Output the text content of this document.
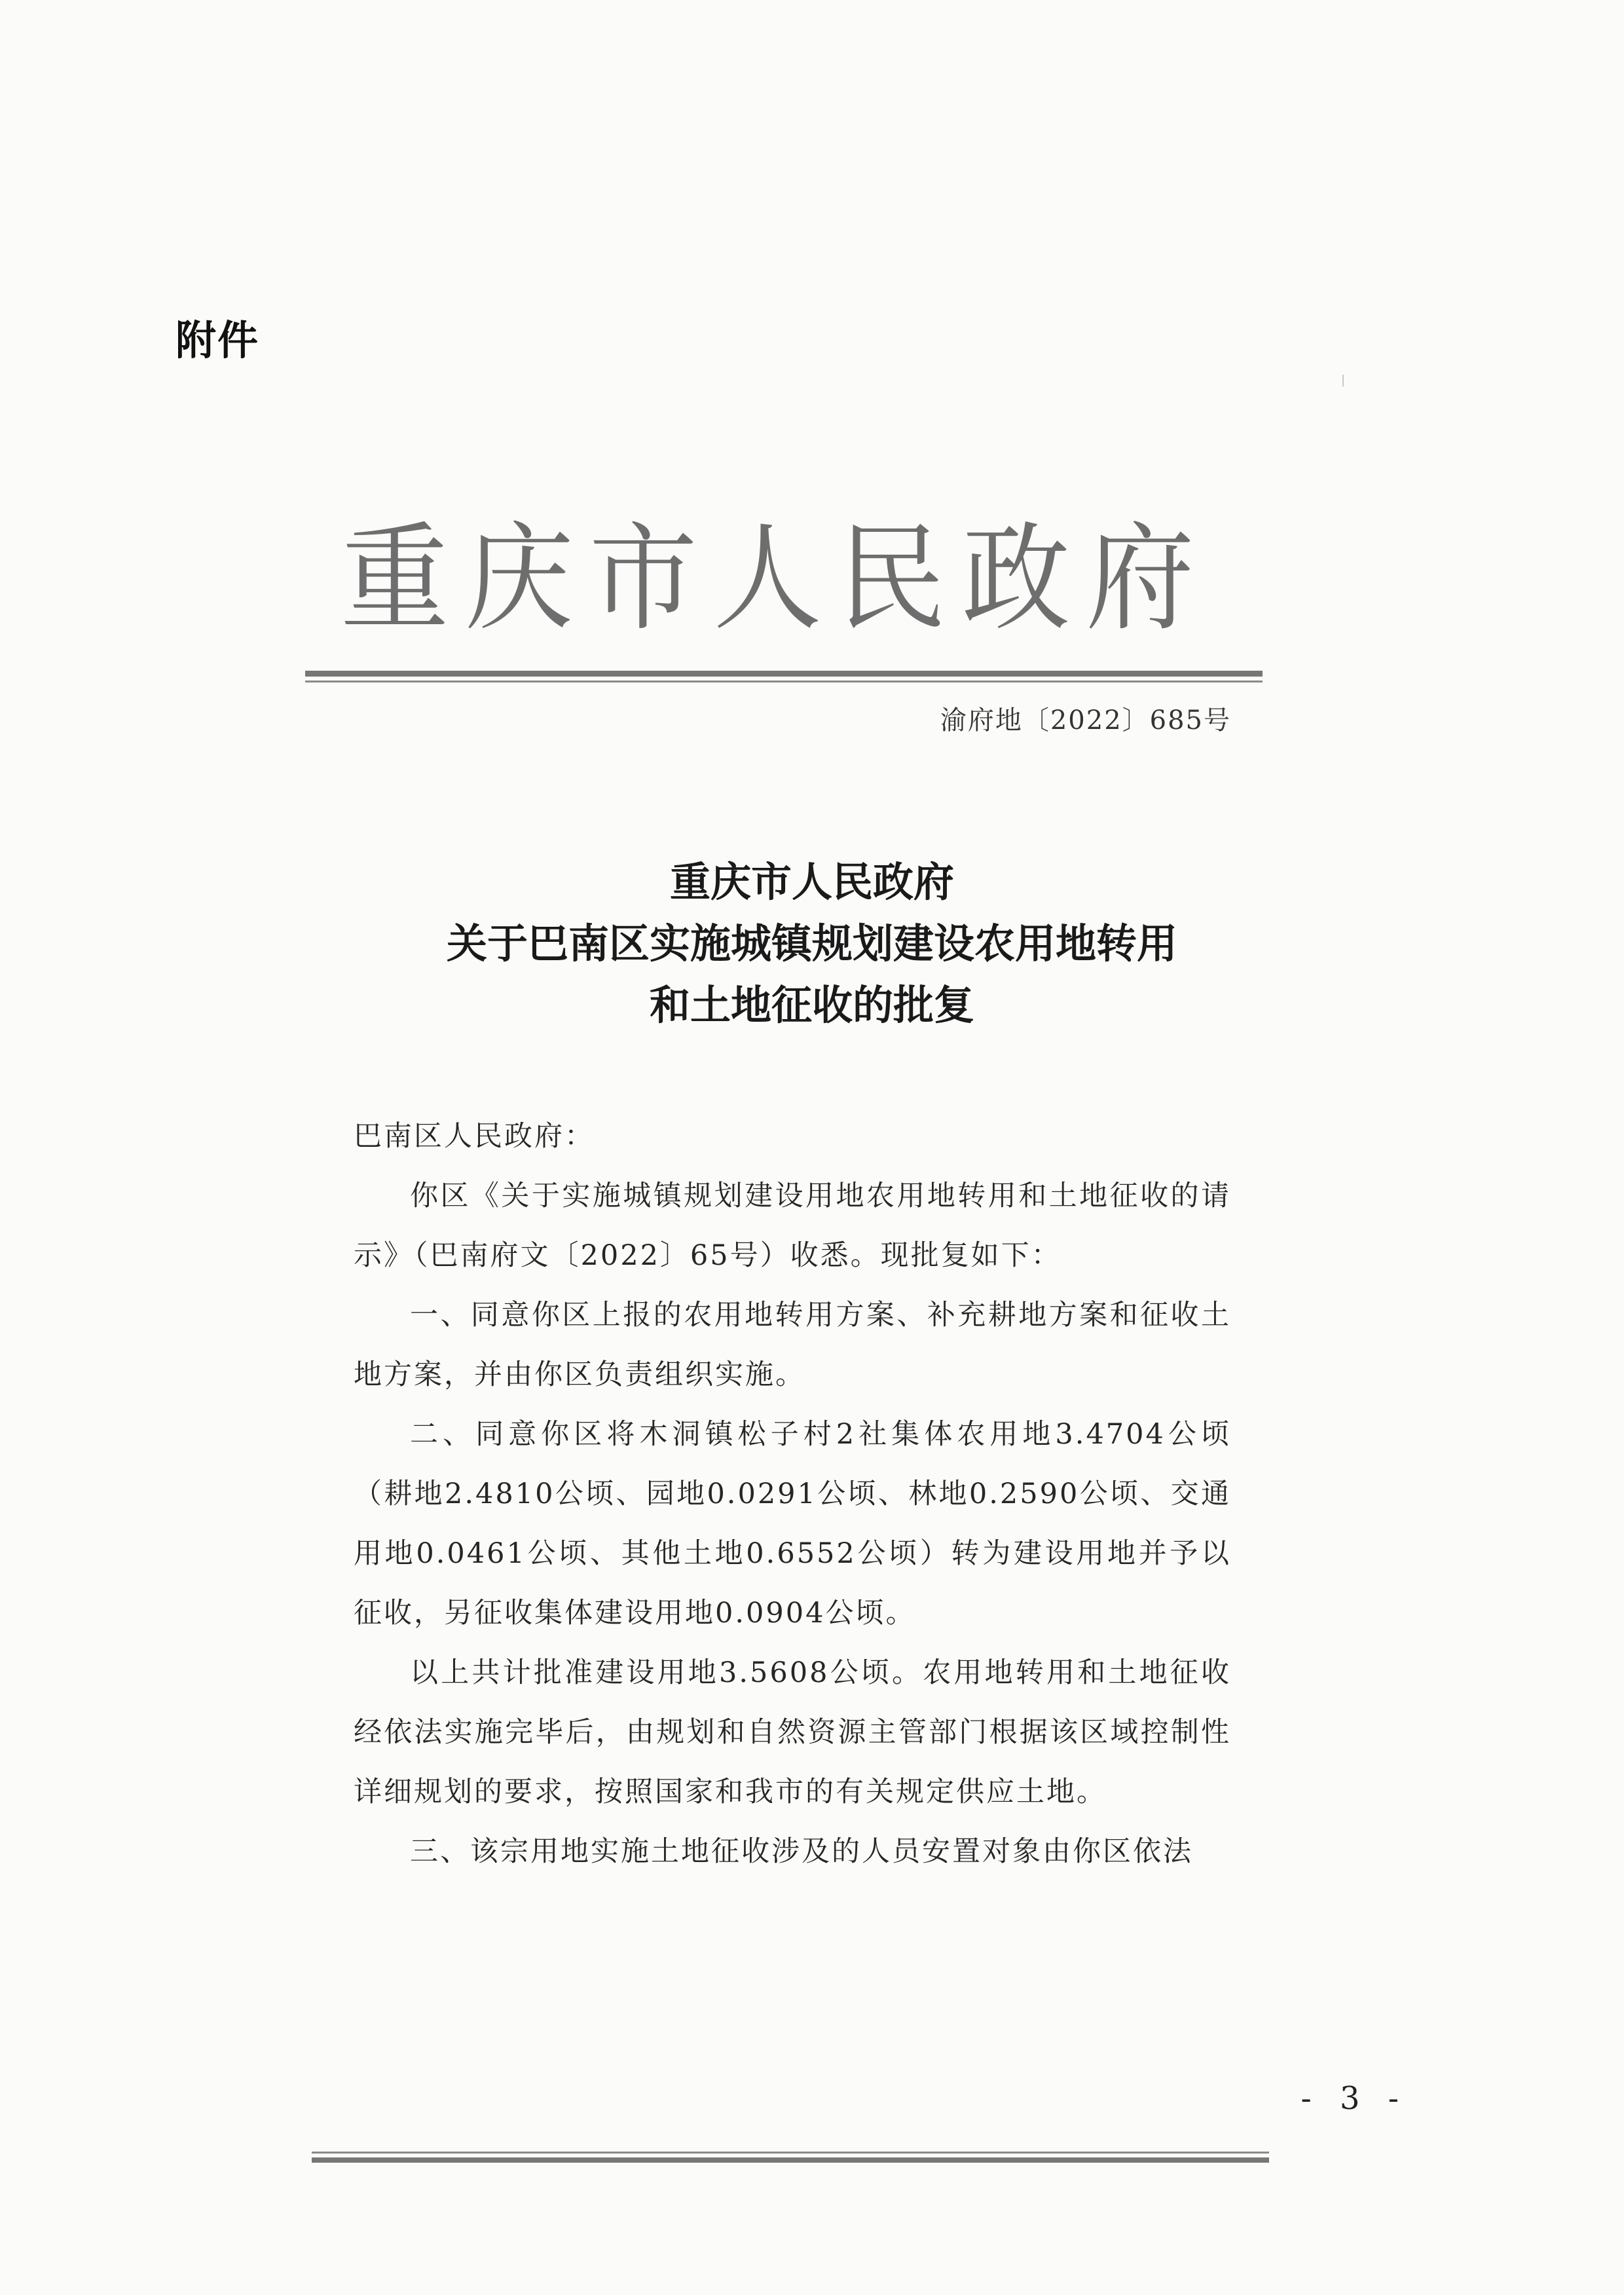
附件
重庆市人民政府
渝府地〔2022〕685号
重庆市人民政府
关于巴南区实施城镇规划建设农用地转用
和土地征收的批复

巴南区人民政府：

你区《关于实施城镇规划建设用地农用地转用和土地征收的请示》（巴南府文〔2022〕65号）收悉。现批复如下：

一、同意你区上报的农用地转用方案、补充耕地方案和征收土地方案，并由你区负责组织实施。

二、同意你区将木洞镇松子村2社集体农用地3.4704公顷（耕地2.4810公顷、园地0.0291公顷、林地0.2590公顷、交通用地0.0461公顷、其他土地0.6552公顷）转为建设用地并予以征收，另征收集体建设用地0.0904公顷。

以上共计批准建设用地3.5608公顷。农用地转用和土地征收经依法实施完毕后，由规划和自然资源主管部门根据该区域控制性详细规划的要求，按照国家和我市的有关规定供应土地。

三、该宗用地实施土地征收涉及的人员安置对象由你区依法

- 3 -
